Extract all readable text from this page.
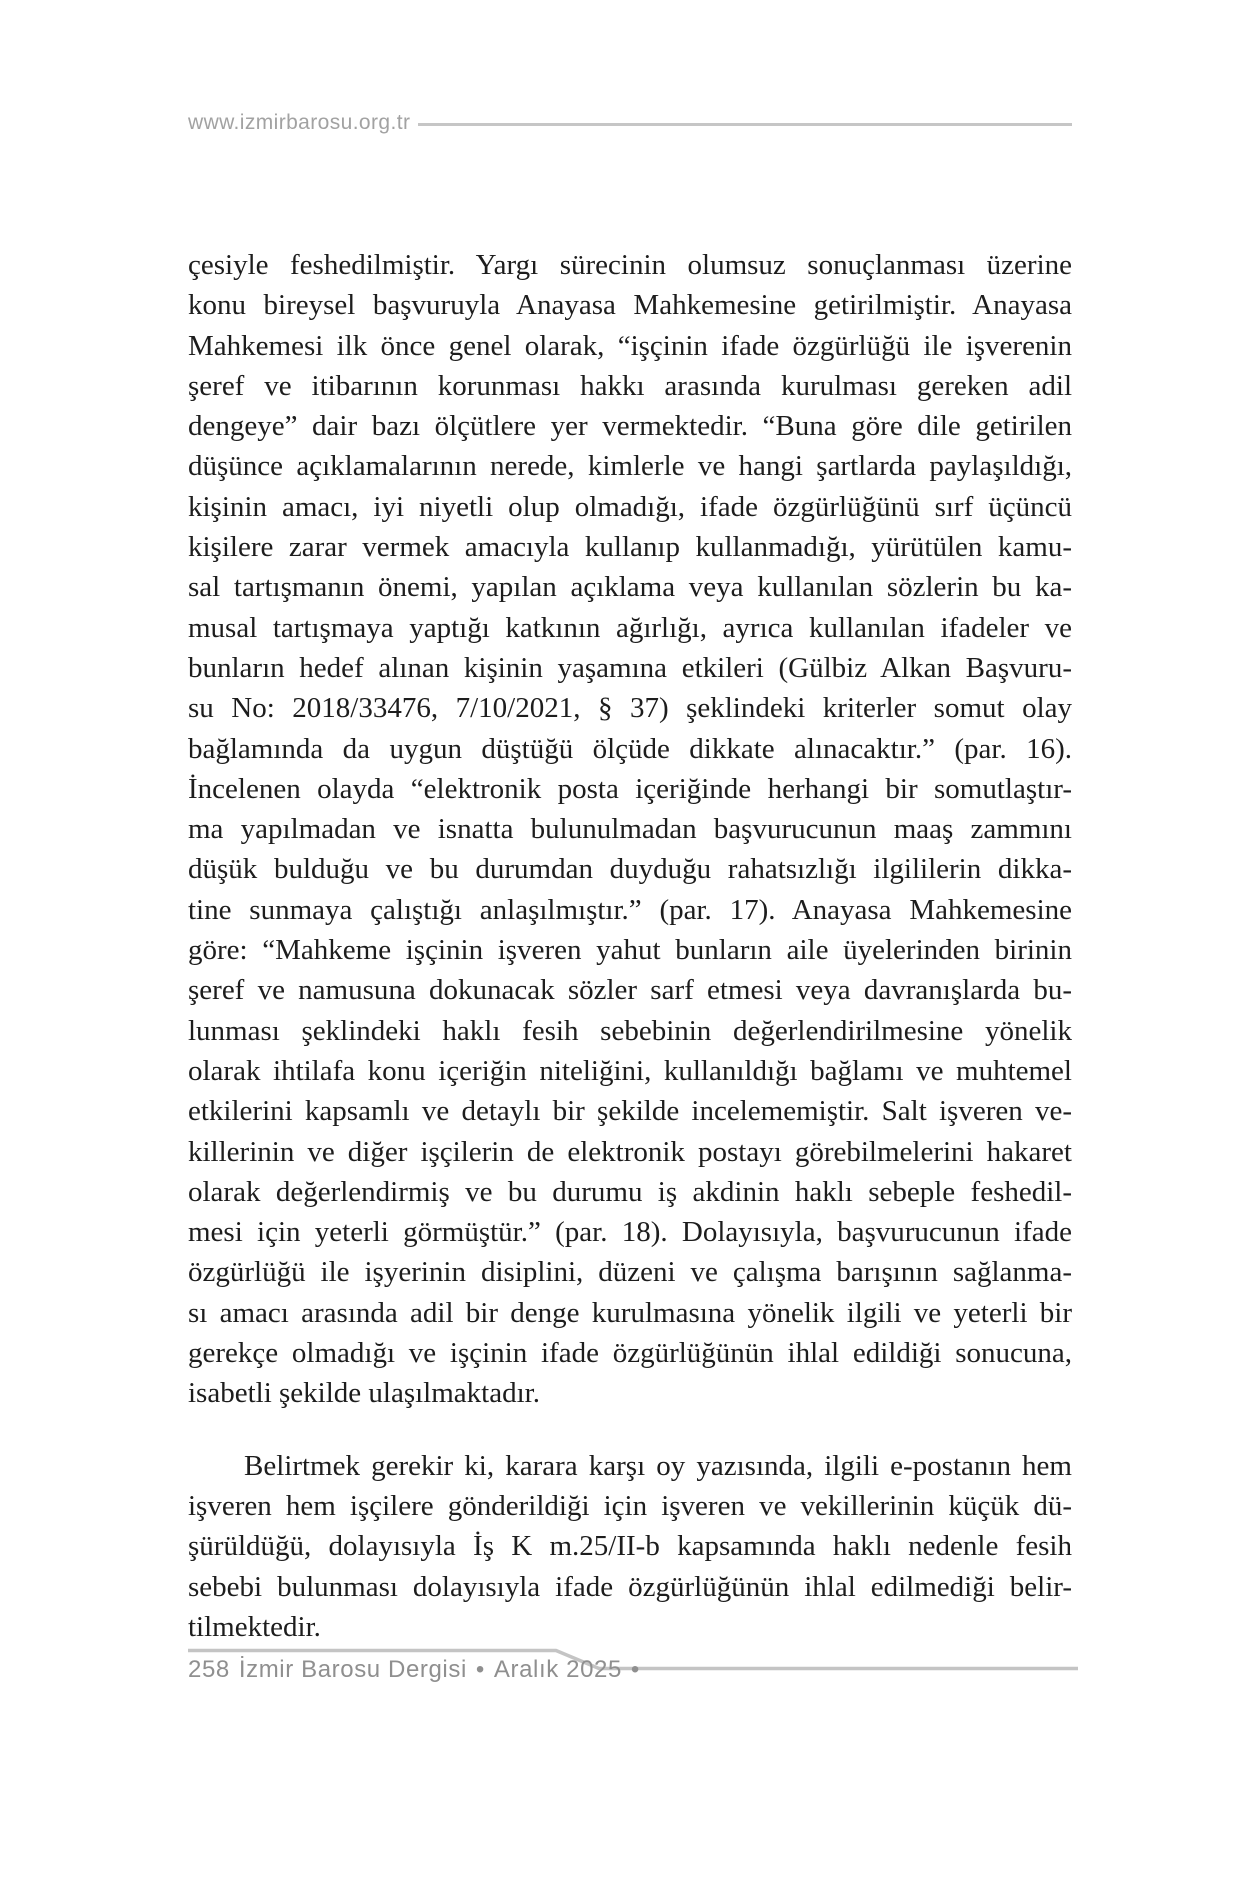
www.izmirbarosu.org.tr
çesiyle feshedilmiştir. Yargı sürecinin olumsuz sonuçlanması üzerine
konu bireysel başvuruyla Anayasa Mahkemesine getirilmiştir. Anayasa
Mahkemesi ilk önce genel olarak, “işçinin ifade özgürlüğü ile işverenin
şeref ve itibarının korunması hakkı arasında kurulması gereken adil
dengeye” dair bazı ölçütlere yer vermektedir. “Buna göre dile getirilen
düşünce açıklamalarının nerede, kimlerle ve hangi şartlarda paylaşıldığı,
kişinin amacı, iyi niyetli olup olmadığı, ifade özgürlüğünü sırf üçüncü
kişilere zarar vermek amacıyla kullanıp kullanmadığı, yürütülen kamu-
sal tartışmanın önemi, yapılan açıklama veya kullanılan sözlerin bu ka-
musal tartışmaya yaptığı katkının ağırlığı, ayrıca kullanılan ifadeler ve
bunların hedef alınan kişinin yaşamına etkileri (Gülbiz Alkan Başvuru-
su No: 2018/33476, 7/10/2021, § 37) şeklindeki kriterler somut olay
bağlamında da uygun düştüğü ölçüde dikkate alınacaktır.” (par. 16).
İncelenen olayda “elektronik posta içeriğinde herhangi bir somutlaştır-
ma yapılmadan ve isnatta bulunulmadan başvurucunun maaş zammını
düşük bulduğu ve bu durumdan duyduğu rahatsızlığı ilgililerin dikka-
tine sunmaya çalıştığı anlaşılmıştır.” (par. 17). Anayasa Mahkemesine
göre: “Mahkeme işçinin işveren yahut bunların aile üyelerinden birinin
şeref ve namusuna dokunacak sözler sarf etmesi veya davranışlarda bu-
lunması şeklindeki haklı fesih sebebinin değerlendirilmesine yönelik
olarak ihtilafa konu içeriğin niteliğini, kullanıldığı bağlamı ve muhtemel
etkilerini kapsamlı ve detaylı bir şekilde incelememiştir. Salt işveren ve-
killerinin ve diğer işçilerin de elektronik postayı görebilmelerini hakaret
olarak değerlendirmiş ve bu durumu iş akdinin haklı sebeple feshedil-
mesi için yeterli görmüştür.” (par. 18). Dolayısıyla, başvurucunun ifade
özgürlüğü ile işyerinin disiplini, düzeni ve çalışma barışının sağlanma-
sı amacı arasında adil bir denge kurulmasına yönelik ilgili ve yeterli bir
gerekçe olmadığı ve işçinin ifade özgürlüğünün ihlal edildiği sonucuna,
isabetli şekilde ulaşılmaktadır.
Belirtmek gerekir ki, karara karşı oy yazısında, ilgili e-postanın hem
işveren hem işçilere gönderildiği için işveren ve vekillerinin küçük dü-
şürüldüğü, dolayısıyla İş K m.25/II-b kapsamında haklı nedenle fesih
sebebi bulunması dolayısıyla ifade özgürlüğünün ihlal edilmediği belir-
tilmektedir.
258 İzmir Barosu Dergisi • Aralık 2025 •
